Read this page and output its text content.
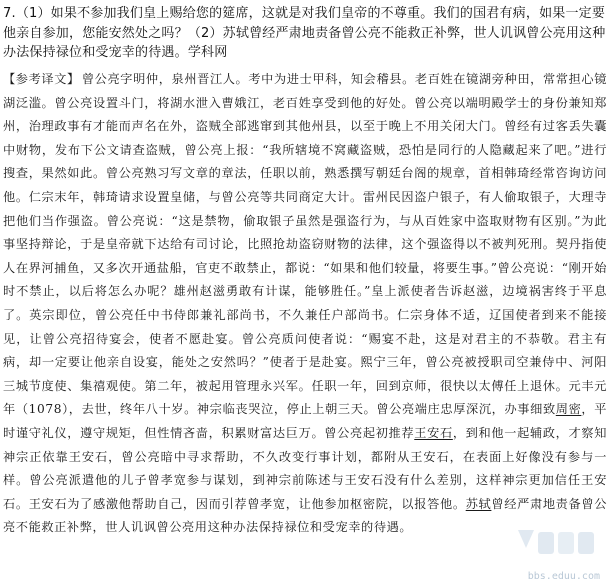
7.（1）如果不参加我们皇上赐给您的筵席，这就是对我们皇帝的不尊重。我们的国君有病，如果一定要他亲自参加，您能安然处之吗？（2）苏轼曾经严肃地责备曾公亮不能救正补弊，世人讥讽曾公亮用这种办法保持禄位和受宠幸的待遇。学科网
【参考译文】 曾公亮字明仲，泉州晋江人。考中为进士甲科，知会稽县。老百姓在镜湖旁种田，常常担心镜湖泛滥。曾公亮设置斗门，将湖水泄入曹娥江，老百姓享受到他的好处。曾公亮以端明殿学士的身份兼知郑州，治理政事有才能而声名在外，盗贼全部逃窜到其他州县，以至于晚上不用关闭大门。曾经有过客丢失囊中财物，发布下公文请查盗贼，曾公亮上报：“我所辖境不窝藏盗贼，恐怕是同行的人隐藏起来了吧。”进行搜查，果然如此。曾公亮熟习写文章的章法，任职以前，熟悉撰写朝廷台阁的规章，首相韩琦经常咨询访问他。仁宗末年，韩琦请求设置皇储，与曾公亮等共同商定大计。雷州民因盗户银子，有人偷取银子，大理寺把他们当作强盗。曾公亮说：“这是禁物，偷取银子虽然是强盗行为，与从百姓家中盗取财物有区别。”为此事坚持辩论，于是皇帝就下达给有司讨论，比照抢劫盗窃财物的法律，这个强盗得以不被判死刑。契丹指使人在界河捕鱼，又多次开通盐船，官吏不敢禁止，都说：“如果和他们较量，将要生事。”曾公亮说：“刚开始时不禁止，以后将怎么办呢？雄州赵滋勇敢有计谋，能够胜任。”皇上派使者告诉赵滋，边境祸害终于平息了。英宗即位，曾公亮任中书侍郎兼礼部尚书，不久兼任户部尚书。仁宗身体不适，辽国使者到来不能接见，让曾公亮招待宴会，使者不愿赴宴。曾公亮质问使者说：“赐宴不赴，这是对君主的不恭敬。君主有病，却一定要让他亲自设宴，能处之安然吗？”使者于是赴宴。熙宁三年，曾公亮被授职司空兼侍中、河阳三城节度使、集禧观使。第二年，被起用管理永兴军。任职一年，回到京师，很快以太傅任上退休。元丰元年（1078），去世，终年八十岁。神宗临丧哭泣，停止上朝三天。曾公亮端庄忠厚深沉，办事细致周密，平时谨守礼仪，遵守规矩，但性情吝啬，积累财富达巨万。曾公亮起初推荐王安石，到和他一起辅政，才察知神宗正依靠王安石，曾公亮暗中寻求帮助，不久改变行事计划，都附从王安石，在表面上好像没有参与一样。曾公亮派遣他的儿子曾孝宽参与谋划，到神宗前陈述与王安石没有什么差别，这样神宗更加信任王安石。王安石为了感激他帮助自己，因而引荐曾孝宽，让他参加枢密院，以报答他。苏轼曾经严肃地责备曾公亮不能救正补弊，世人讥讽曾公亮用这种办法保持禄位和受宠幸的待遇。
bbs.eduu.com
